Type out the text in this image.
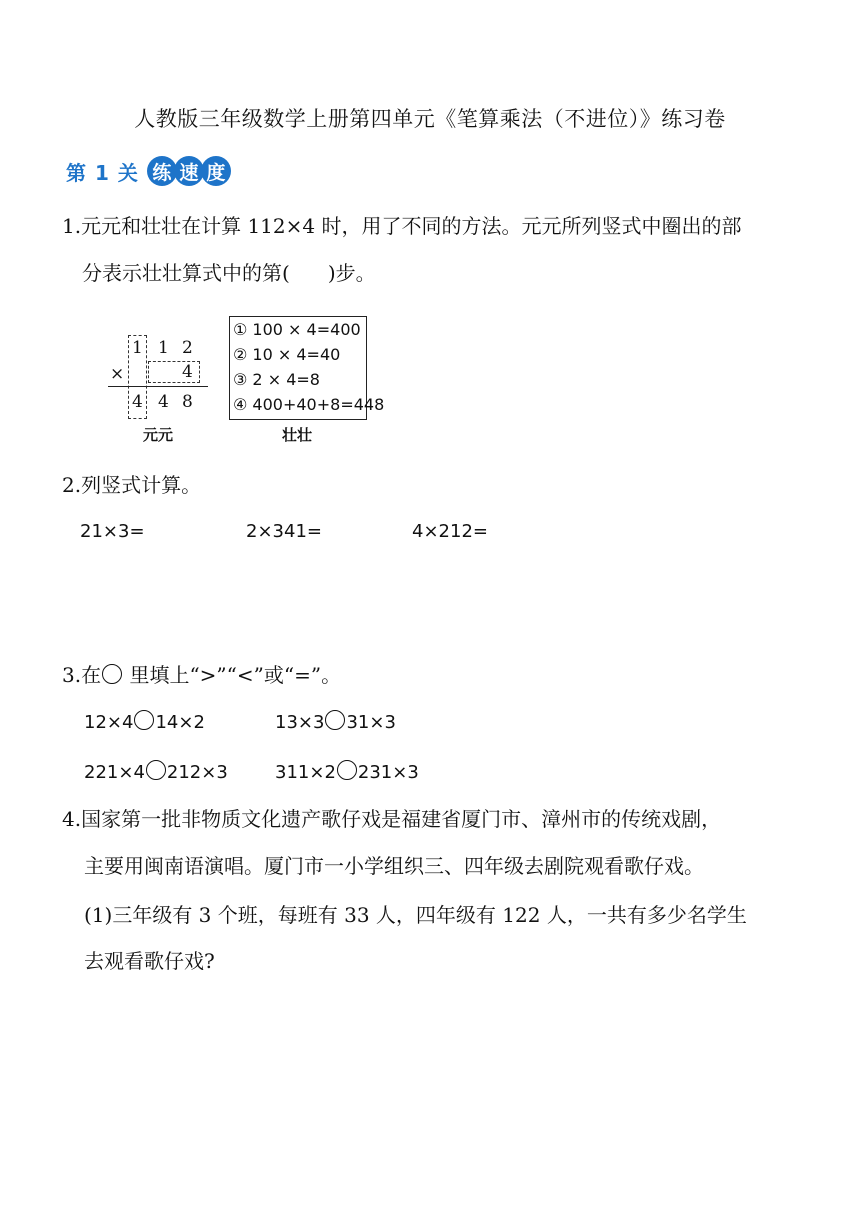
人教版三年级数学上册第四单元《笔算乘法（不进位）》练习卷
第 1 关 练 速 度
1.元元和壮壮在计算 112×4 时，用了不同的方法。元元所列竖式中圈出的部
分表示壮壮算式中的第( )步。
1 1 2
×	4
4 4 8
元元
① 100 × 4=400
② 10 × 4=40
③ 2 × 4=8
④ 400+40+8=448
壮壮
2.列竖式计算。
21×3=	2×341=	4×212=
3.在 里填上“>”“<”或“=”。
12×4 14×2	13×3 31×3
221×4 212×3	311×2 231×3
4.国家第一批非物质文化遗产歌仔戏是福建省厦门市、漳州市的传统戏剧，
主要用闽南语演唱。厦门市一小学组织三、四年级去剧院观看歌仔戏。
(1)三年级有 3 个班，每班有 33 人，四年级有 122 人，一共有多少名学生
去观看歌仔戏?
